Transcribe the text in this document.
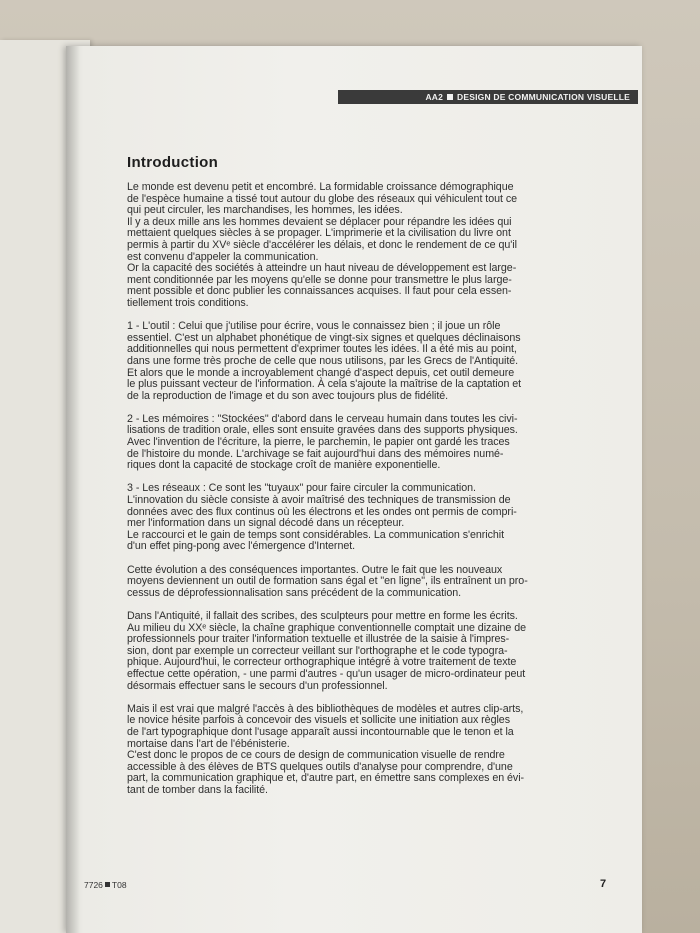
AA2 DESIGN DE COMMUNICATION VISUELLE
Introduction

Le monde est devenu petit et encombré. La formidable croissance démographique
de l'espèce humaine a tissé tout autour du globe des réseaux qui véhiculent tout ce
qui peut circuler, les marchandises, les hommes, les idées.
Il y a deux mille ans les hommes devaient se déplacer pour répandre les idées qui
mettaient quelques siècles à se propager. L'imprimerie et la civilisation du livre ont
permis à partir du XVᵉ siècle d'accélérer les délais, et donc le rendement de ce qu'il
est convenu d'appeler la communication.
Or la capacité des sociétés à atteindre un haut niveau de développement est large-
ment conditionnée par les moyens qu'elle se donne pour transmettre le plus large-
ment possible et donc publier les connaissances acquises. Il faut pour cela essen-
tiellement trois conditions.

1 - L'outil : Celui que j'utilise pour écrire, vous le connaissez bien ; il joue un rôle
essentiel. C'est un alphabet phonétique de vingt-six signes et quelques déclinaisons
additionnelles qui nous permettent d'exprimer toutes les idées. Il a été mis au point,
dans une forme très proche de celle que nous utilisons, par les Grecs de l'Antiquité.
Et alors que le monde a incroyablement changé d'aspect depuis, cet outil demeure
le plus puissant vecteur de l'information. À cela s'ajoute la maîtrise de la captation et
de la reproduction de l'image et du son avec toujours plus de fidélité.

2 - Les mémoires : "Stockées" d'abord dans le cerveau humain dans toutes les civi-
lisations de tradition orale, elles sont ensuite gravées dans des supports physiques.
Avec l'invention de l'écriture, la pierre, le parchemin, le papier ont gardé les traces
de l'histoire du monde. L'archivage se fait aujourd'hui dans des mémoires numé-
riques dont la capacité de stockage croît de manière exponentielle.

3 - Les réseaux : Ce sont les "tuyaux" pour faire circuler la communication.
L'innovation du siècle consiste à avoir maîtrisé des techniques de transmission de
données avec des flux continus où les électrons et les ondes ont permis de compri-
mer l'information dans un signal décodé dans un récepteur.
Le raccourci et le gain de temps sont considérables. La communication s'enrichit
d'un effet ping-pong avec l'émergence d'Internet.

Cette évolution a des conséquences importantes. Outre le fait que les nouveaux
moyens deviennent un outil de formation sans égal et "en ligne", ils entraînent un pro-
cessus de déprofessionnalisation sans précédent de la communication.

Dans l'Antiquité, il fallait des scribes, des sculpteurs pour mettre en forme les écrits.
Au milieu du XXᵉ siècle, la chaîne graphique conventionnelle comptait une dizaine de
professionnels pour traiter l'information textuelle et illustrée de la saisie à l'impres-
sion, dont par exemple un correcteur veillant sur l'orthographe et le code typogra-
phique. Aujourd'hui, le correcteur orthographique intégré à votre traitement de texte
effectue cette opération, - une parmi d'autres - qu'un usager de micro-ordinateur peut
désormais effectuer sans le secours d'un professionnel.

Mais il est vrai que malgré l'accès à des bibliothèques de modèles et autres clip-arts,
le novice hésite parfois à concevoir des visuels et sollicite une initiation aux règles
de l'art typographique dont l'usage apparaît aussi incontournable que le tenon et la
mortaise dans l'art de l'ébénisterie.
C'est donc le propos de ce cours de design de communication visuelle de rendre
accessible à des élèves de BTS quelques outils d'analyse pour comprendre, d'une
part, la communication graphique et, d'autre part, en émettre sans complexes en évi-
tant de tomber dans la facilité.

7726 T08	7
